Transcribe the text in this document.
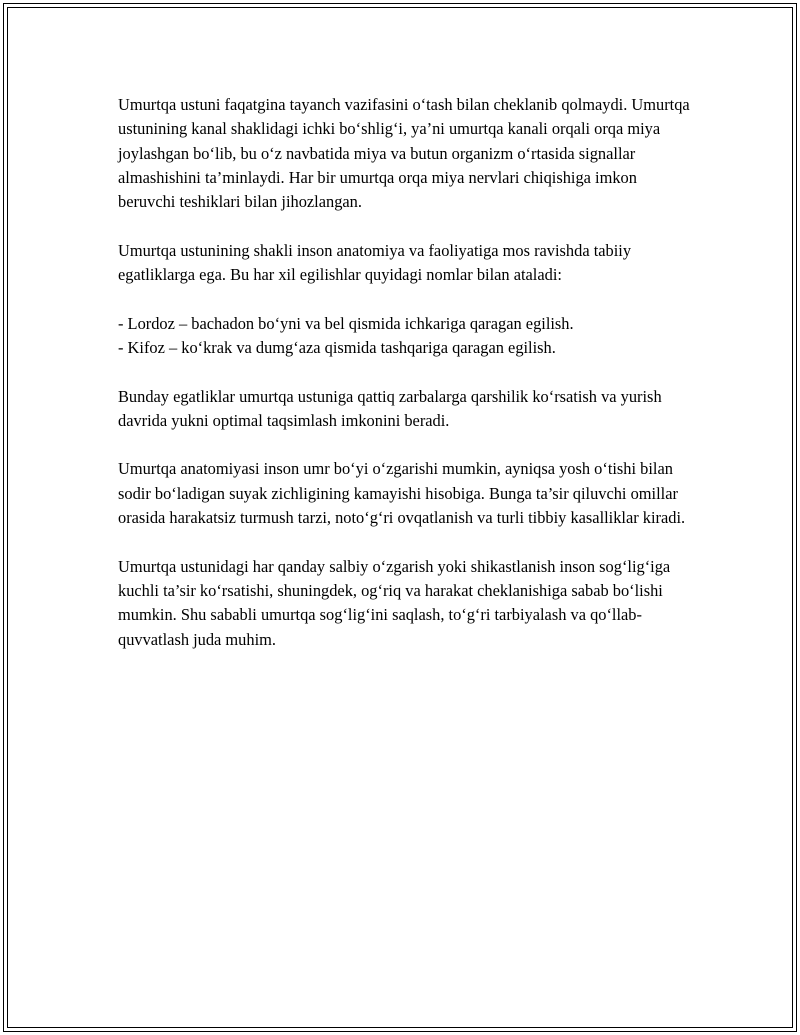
Umurtqa ustuni faqatgina tayanch vazifasini o‘tash bilan cheklanib qolmaydi. Umurtqa ustunining kanal shaklidagi ichki bo‘shlig‘i, ya’ni umurtqa kanali orqali orqa miya joylashgan bo‘lib, bu o‘z navbatida miya va butun organizm o‘rtasida signallar almashishini ta’minlaydi. Har bir umurtqa orqa miya nervlari chiqishiga imkon beruvchi teshiklari bilan jihozlangan.

Umurtqa ustunining shakli inson anatomiya va faoliyatiga mos ravishda tabiiy egatliklarga ega. Bu har xil egilishlar quyidagi nomlar bilan ataladi:

- Lordoz – bachadon bo‘yni va bel qismida ichkariga qaragan egilish.
- Kifoz – ko‘krak va dumg‘aza qismida tashqariga qaragan egilish.

Bunday egatliklar umurtqa ustuniga qattiq zarbalarga qarshilik ko‘rsatish va yurish davrida yukni optimal taqsimlash imkonini beradi.

Umurtqa anatomiyasi inson umr bo‘yi o‘zgarishi mumkin, ayniqsa yosh o‘tishi bilan sodir bo‘ladigan suyak zichligining kamayishi hisobiga. Bunga ta’sir qiluvchi omillar orasida harakatsiz turmush tarzi, noto‘g‘ri ovqatlanish va turli tibbiy kasalliklar kiradi.

Umurtqa ustunidagi har qanday salbiy o‘zgarish yoki shikastlanish inson sog‘lig‘iga kuchli ta’sir ko‘rsatishi, shuningdek, og‘riq va harakat cheklanishiga sabab bo‘lishi mumkin. Shu sababli umurtqa sog‘lig‘ini saqlash, to‘g‘ri tarbiyalash va qo‘llab-quvvatlash juda muhim.
